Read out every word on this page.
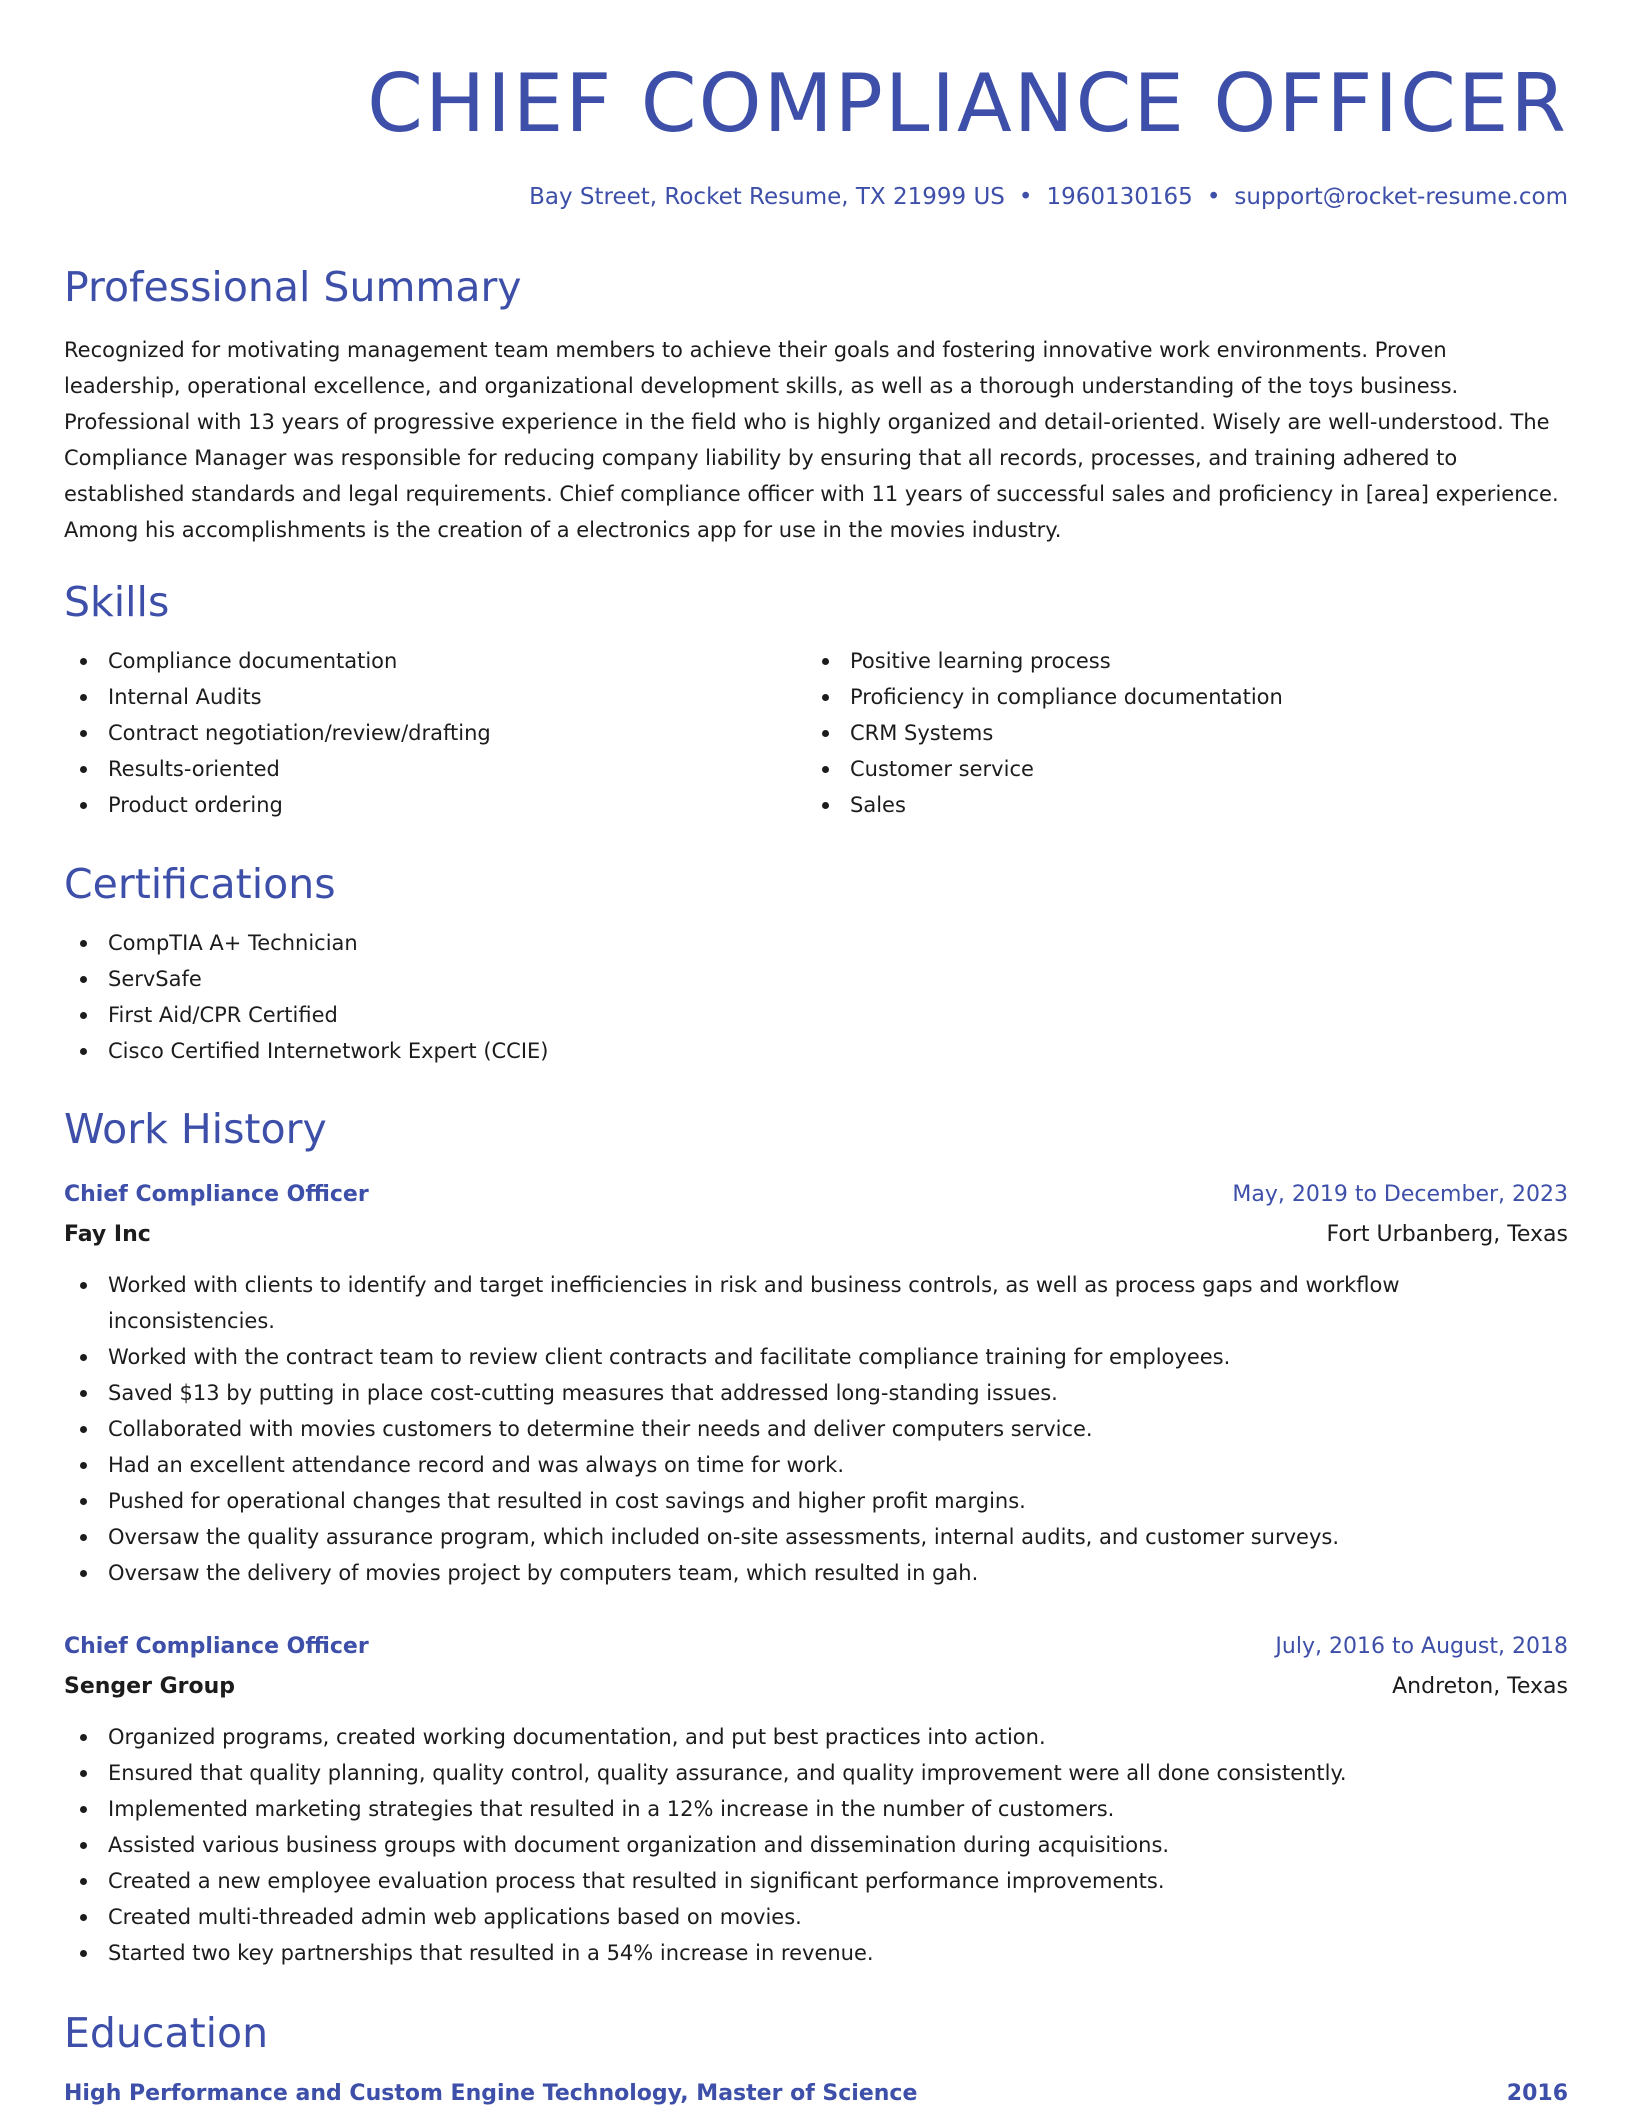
CHIEF COMPLIANCE OFFICER
Bay Street, Rocket Resume, TX 21999 US • 1960130165 • support@rocket-resume.com
Professional Summary

Recognized for motivating management team members to achieve their goals and fostering innovative work environments. Proven leadership, operational excellence, and organizational development skills, as well as a thorough understanding of the toys business. Professional with 13 years of progressive experience in the field who is highly organized and detail-oriented. Wisely are well-understood. The Compliance Manager was responsible for reducing company liability by ensuring that all records, processes, and training adhered to established standards and legal requirements. Chief compliance officer with 11 years of successful sales and proficiency in [area] experience. Among his accomplishments is the creation of a electronics app for use in the movies industry.

Skills
Compliance documentation
Internal Audits
Contract negotiation/review/drafting
Results-oriented
Product ordering
Positive learning process
Proficiency in compliance documentation
CRM Systems
Customer service
Sales
Certifications
CompTIA A+ Technician
ServSafe
First Aid/CPR Certified
Cisco Certified Internetwork Expert (CCIE)
Work History
Chief Compliance Officer	May, 2019 to December, 2023
Fay Inc	Fort Urbanberg, Texas
Worked with clients to identify and target inefficiencies in risk and business controls, as well as process gaps and workflow inconsistencies.
Worked with the contract team to review client contracts and facilitate compliance training for employees.
Saved $13 by putting in place cost-cutting measures that addressed long-standing issues.
Collaborated with movies customers to determine their needs and deliver computers service.
Had an excellent attendance record and was always on time for work.
Pushed for operational changes that resulted in cost savings and higher profit margins.
Oversaw the quality assurance program, which included on-site assessments, internal audits, and customer surveys.
Oversaw the delivery of movies project by computers team, which resulted in gah.
Chief Compliance Officer	July, 2016 to August, 2018
Senger Group	Andreton, Texas
Organized programs, created working documentation, and put best practices into action.
Ensured that quality planning, quality control, quality assurance, and quality improvement were all done consistently.
Implemented marketing strategies that resulted in a 12% increase in the number of customers.
Assisted various business groups with document organization and dissemination during acquisitions.
Created a new employee evaluation process that resulted in significant performance improvements.
Created multi-threaded admin web applications based on movies.
Started two key partnerships that resulted in a 54% increase in revenue.
Education
High Performance and Custom Engine Technology, Master of Science	2016
